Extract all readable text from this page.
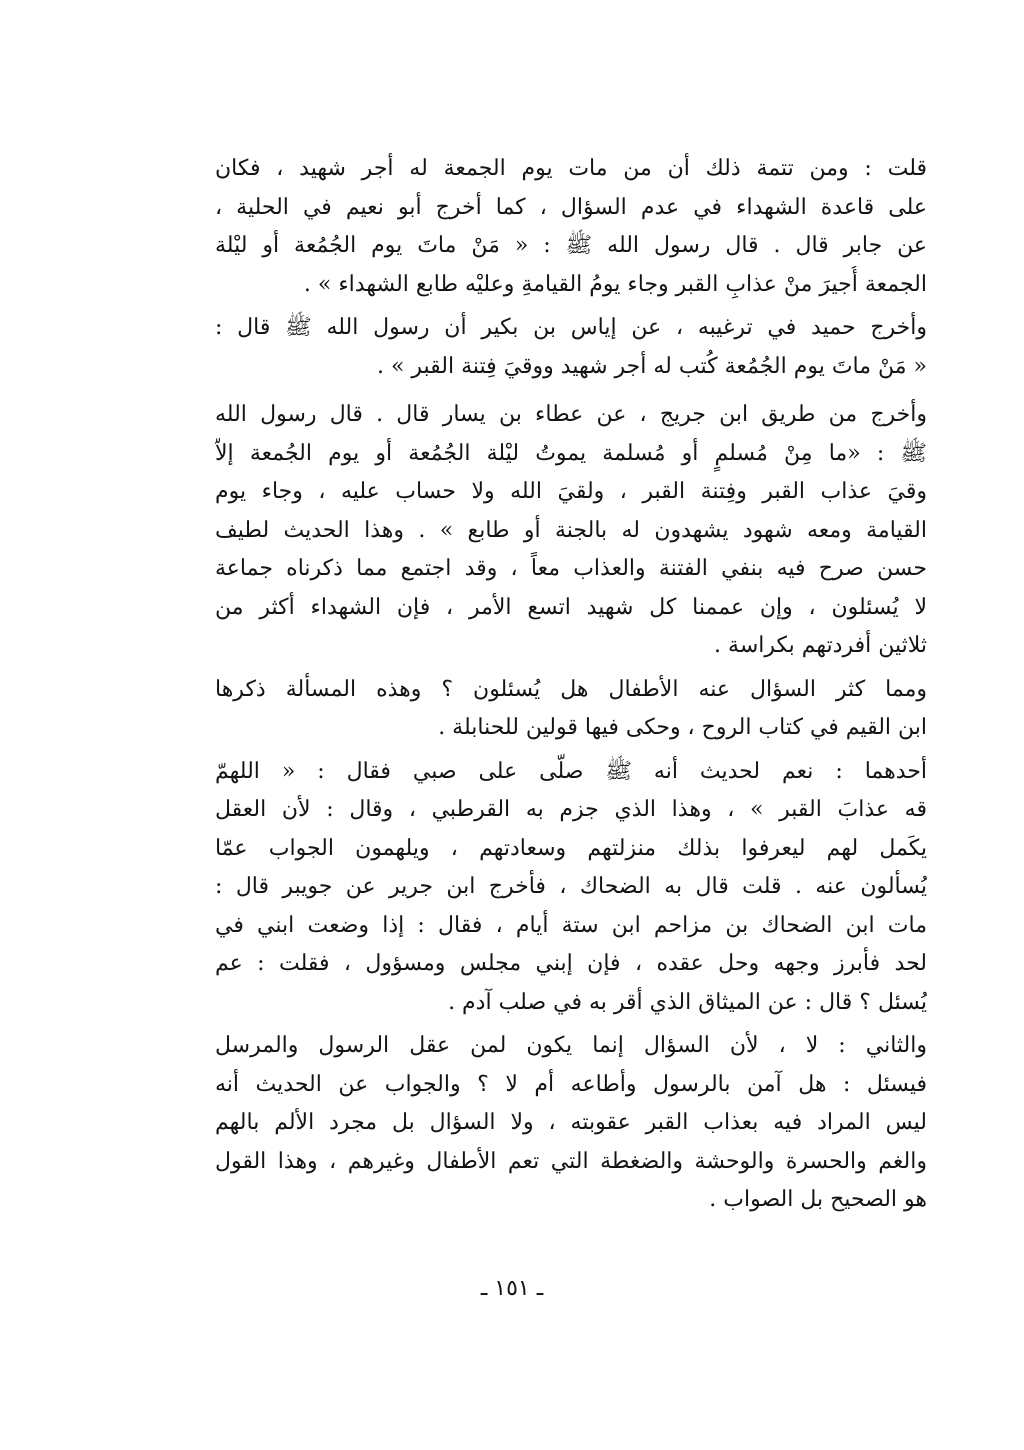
قلت : ومن تتمة ذلك أن من مات يوم الجمعة له أجر شهيد ، فكان
على قاعدة الشهداء في عدم السؤال ، كما أخرج أبو نعيم في الحلية ،
عن جابر قال . قال رسول الله ﷺ : « مَنْ ماتَ يوم الجُمُعة أو ليْلة
الجمعة أُجيرَ منْ عذابِ القبر وجاء يومُ القيامةِ وعليْه طابع الشهداء » .
وأخرج حميد في ترغيبه ، عن إياس بن بكير أن رسول الله ﷺ قال :
« مَنْ ماتَ يوم الجُمُعة كُتب له أجر شهيد ووقيَ فِتنة القبر » .
وأخرج من طريق ابن جريج ، عن عطاء بن يسار قال . قال رسول الله
ﷺ : «ما مِنْ مُسلمٍ أو مُسلمة يموتُ ليْلة الجُمُعة أو يوم الجُمعة إلاّ
وقيَ عذاب القبر وفِتنة القبر ، ولقيَ الله ولا حساب عليه ، وجاء يوم
القيامة ومعه شهود يشهدون له بالجنة أو طابع » . وهذا الحديث لطيف
حسن صرح فيه بنفي الفتنة والعذاب معاً ، وقد اجتمع مما ذكرناه جماعة
لا يُسئلون ، وإن عممنا كل شهيد اتسع الأمر ، فإن الشهداء أكثر من
ثلاثين أفردتهم بكراسة .
ومما كثر السؤال عنه الأطفال هل يُسئلون ؟ وهذه المسألة ذكرها
ابن القيم في كتاب الروح ، وحكى فيها قولين للحنابلة .
أحدهما : نعم لحديث أنه ﷺ صلّى على صبي فقال : « اللهمّ
قه عذابَ القبر » ، وهذا الذي جزم به القرطبي ، وقال : لأن العقل
يكَمل لهم ليعرفوا بذلك منزلتهم وسعادتهم ، ويلهمون الجواب عمّا
يُسألون عنه . قلت قال به الضحاك ، فأخرج ابن جرير عن جويبر قال :
مات ابن الضحاك بن مزاحم ابن ستة أيام ، فقال : إذا وضعت ابني في
لحد فأبرز وجهه وحل عقده ، فإن إبني مجلس ومسؤول ، فقلت : عم
يُسئل ؟ قال : عن الميثاق الذي أقر به في صلب آدم .
والثاني : لا ، لأن السؤال إنما يكون لمن عقل الرسول والمرسل
فيسئل : هل آمن بالرسول وأطاعه أم لا ؟ والجواب عن الحديث أنه
ليس المراد فيه بعذاب القبر عقوبته ، ولا السؤال بل مجرد الألم بالهم
والغم والحسرة والوحشة والضغطة التي تعم الأطفال وغيرهم ، وهذا القول
هو الصحيح بل الصواب .
ـ ١٥١ ـ
